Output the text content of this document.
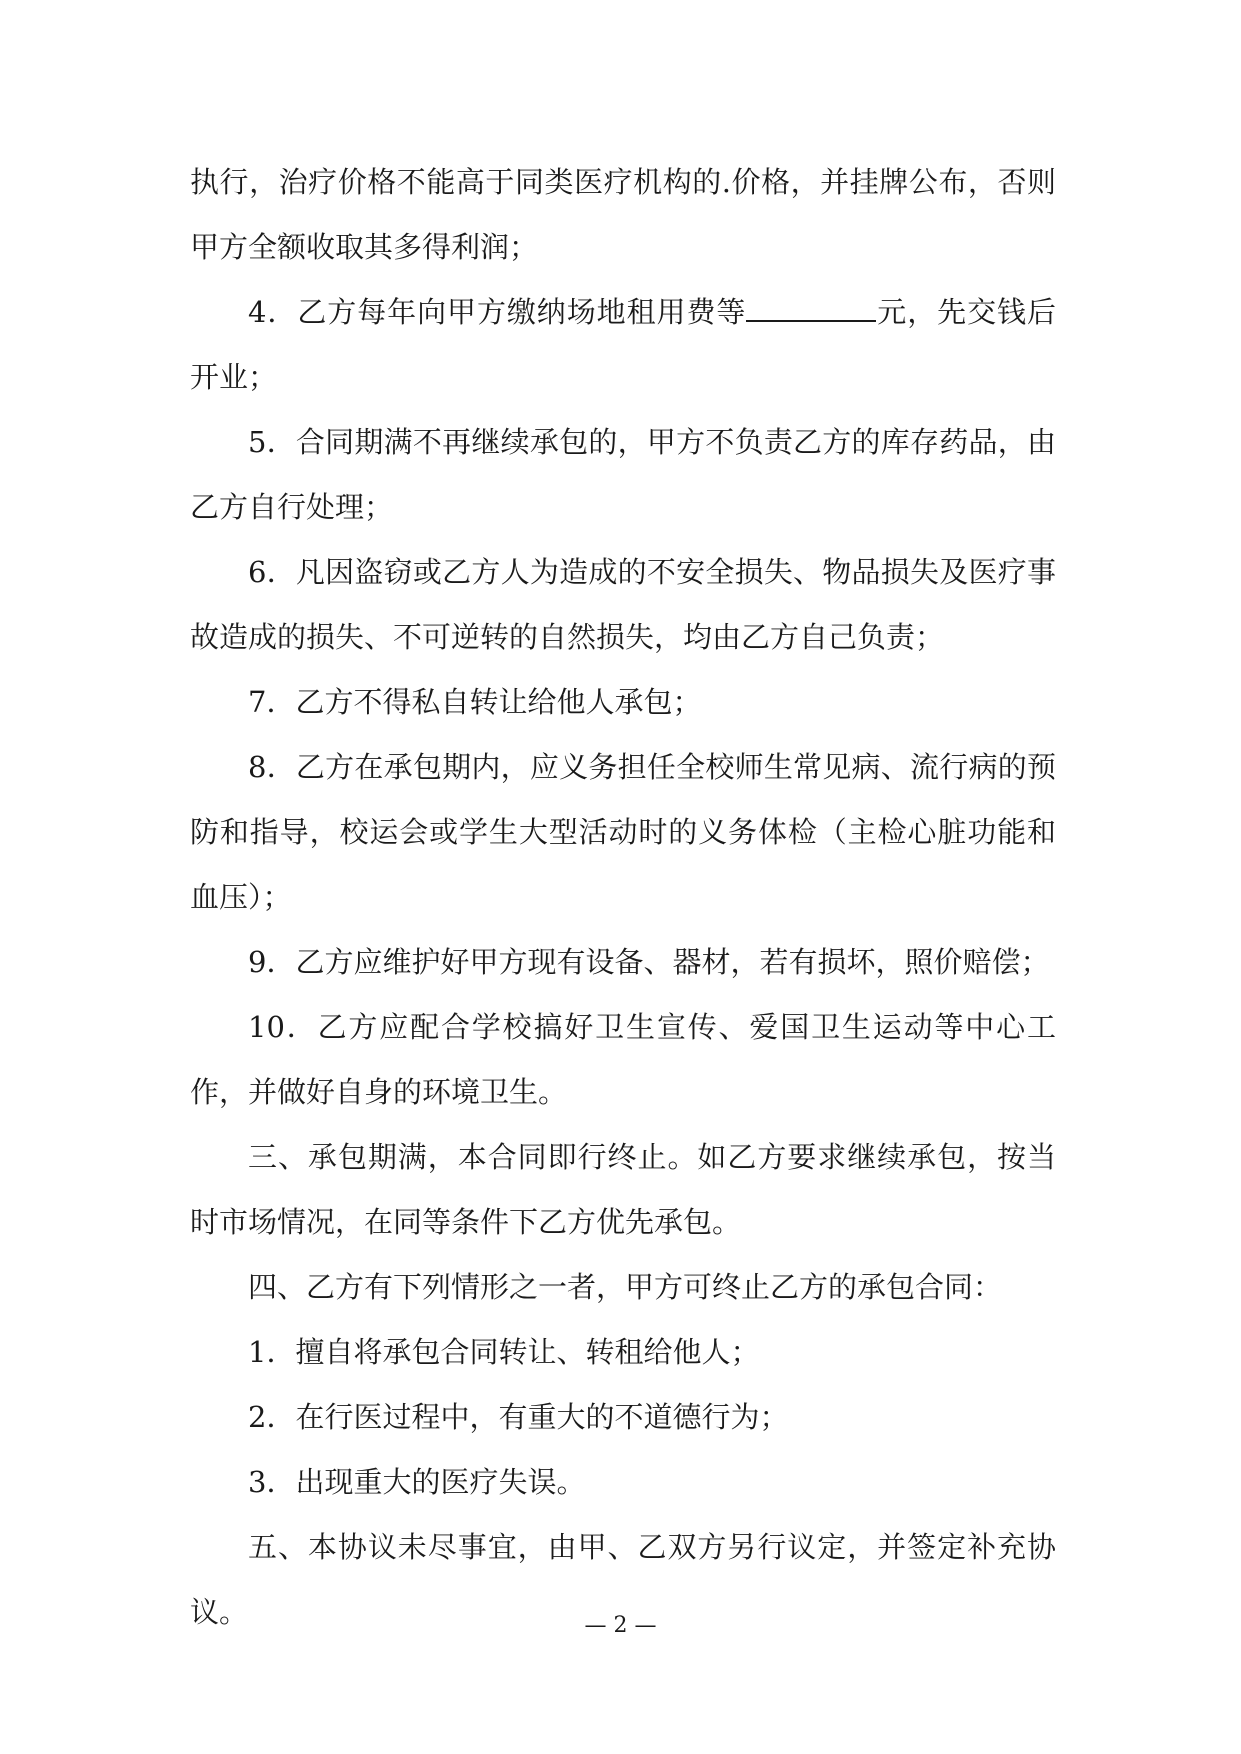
执行，治疗价格不能高于同类医疗机构的.价格，并挂牌公布，否则甲方全额收取其多得利润；

4．乙方每年向甲方缴纳场地租用费等	元，先交钱后开业；

5．合同期满不再继续承包的，甲方不负责乙方的库存药品，由乙方自行处理；

6．凡因盗窃或乙方人为造成的不安全损失、物品损失及医疗事故造成的损失、不可逆转的自然损失，均由乙方自己负责；

7．乙方不得私自转让给他人承包；

8．乙方在承包期内，应义务担任全校师生常见病、流行病的预防和指导，校运会或学生大型活动时的义务体检（主检心脏功能和血压）；

9．乙方应维护好甲方现有设备、器材，若有损坏，照价赔偿；

10．乙方应配合学校搞好卫生宣传、爱国卫生运动等中心工作，并做好自身的环境卫生。

三、承包期满，本合同即行终止。如乙方要求继续承包，按当时市场情况，在同等条件下乙方优先承包。

四、乙方有下列情形之一者，甲方可终止乙方的承包合同：

1．擅自将承包合同转让、转租给他人；

2．在行医过程中，有重大的不道德行为；

3．出现重大的医疗失误。

五、本协议未尽事宜，由甲、乙双方另行议定，并签定补充协议。	— 2 —
